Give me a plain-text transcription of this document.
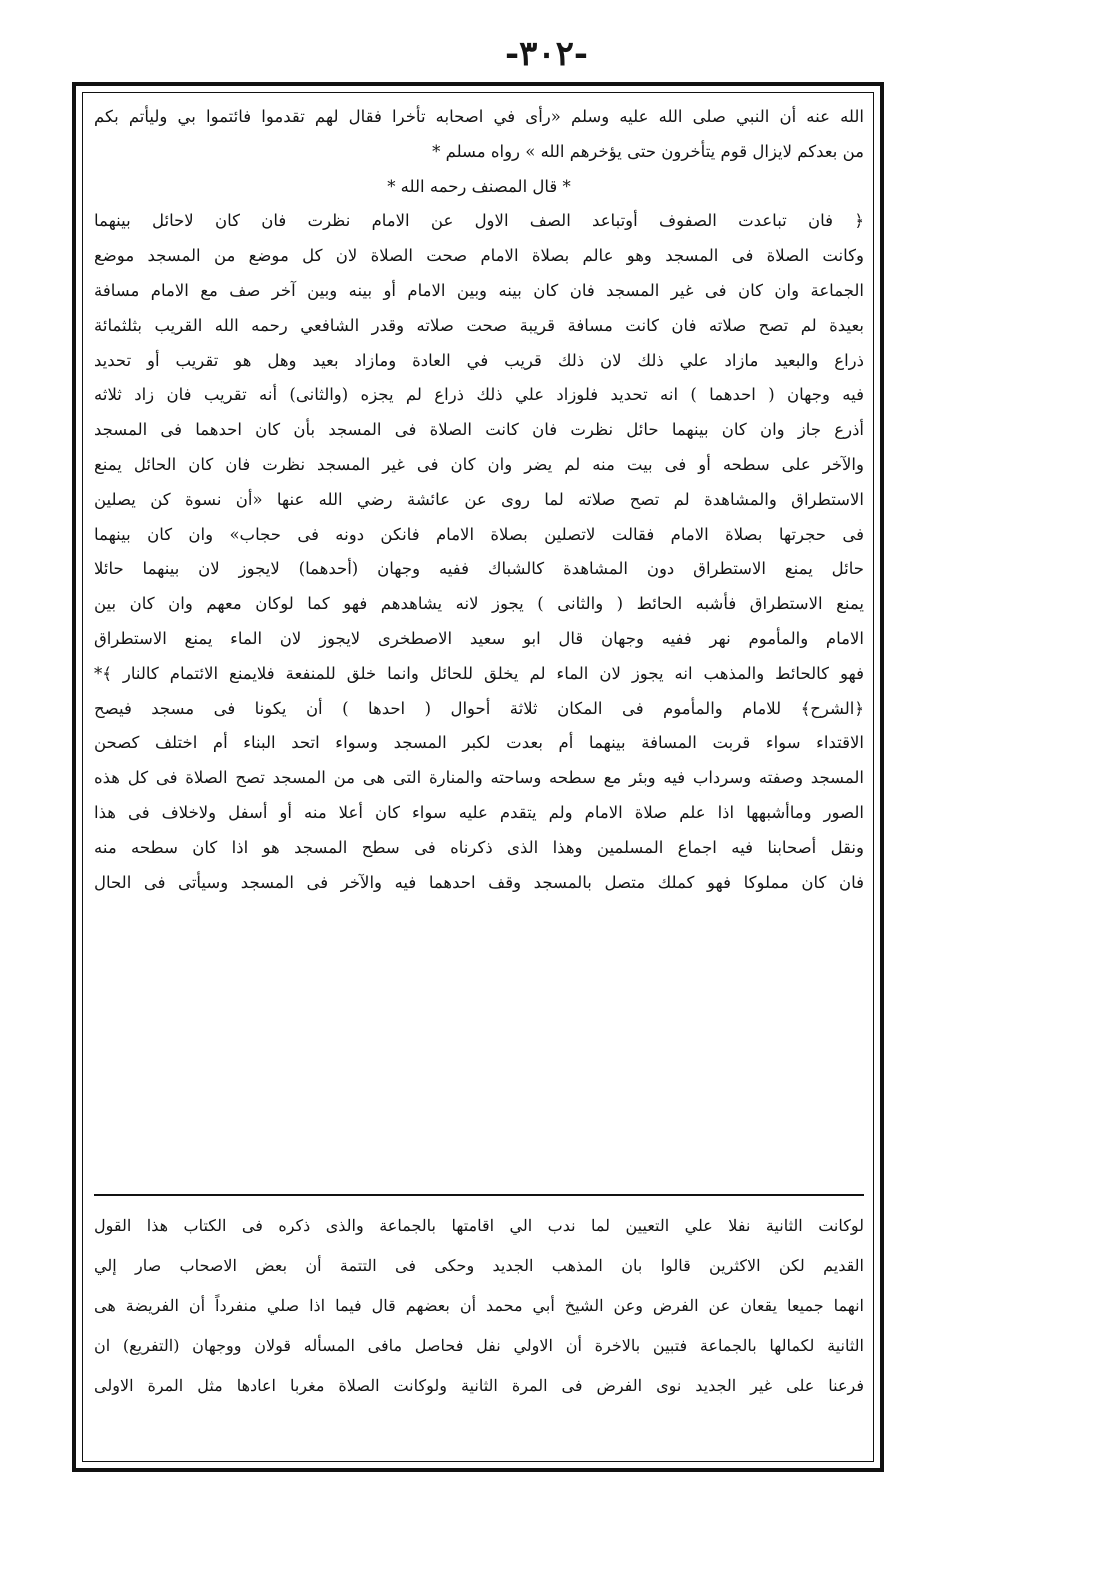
-٣٠٢-
الله عنه أن النبي صلى الله عليه وسلم «رأى في اصحابه تأخرا فقال لهم تقدموا فائتموا بي وليأتم بكم
من بعدكم لايزال قوم يتأخرون حتى يؤخرهم الله » رواه مسلم *
* قال المصنف رحمه الله *
﴿ فان تباعدت الصفوف أوتباعد الصف الاول عن الامام نظرت فان كان لاحائل بينهما
وكانت الصلاة فى المسجد وهو عالم بصلاة الامام صحت الصلاة لان كل موضع من المسجد موضع
الجماعة وان كان فى غير المسجد فان كان بينه وبين الامام أو بينه وبين آخر صف مع الامام مسافة
بعيدة لم تصح صلاته فان كانت مسافة قريبة صحت صلاته وقدر الشافعي رحمه الله القريب بثلثمائة
ذراع والبعيد مازاد علي ذلك لان ذلك قريب في العادة ومازاد بعيد وهل هو تقريب أو تحديد
فيه وجهان ( احدهما ) انه تحديد فلوزاد علي ذلك ذراع لم يجزه (والثانى) أنه تقريب فان زاد ثلاثه
أذرع جاز وان كان بينهما حائل نظرت فان كانت الصلاة فى المسجد بأن كان احدهما فى المسجد
والآخر على سطحه أو فى بيت منه لم يضر وان كان فى غير المسجد نظرت فان كان الحائل يمنع
الاستطراق والمشاهدة لم تصح صلاته لما روى عن عائشة رضي الله عنها «أن نسوة كن يصلين
فى حجرتها بصلاة الامام فقالت لاتصلين بصلاة الامام فانكن دونه فى حجاب» وان كان بينهما
حائل يمنع الاستطراق دون المشاهدة كالشباك ففيه وجهان (أحدهما) لايجوز لان بينهما حائلا
يمنع الاستطراق فأشبه الحائط ( والثانى ) يجوز لانه يشاهدهم فهو كما لوكان معهم وان كان بين
الامام والمأموم نهر ففيه وجهان قال ابو سعيد الاصطخرى لايجوز لان الماء يمنع الاستطراق
فهو كالحائط والمذهب انه يجوز لان الماء لم يخلق للحائل وانما خلق للمنفعة فلايمنع الائتمام كالنار ﴾*
﴿الشرح﴾ للامام والمأموم فى المكان ثلاثة أحوال ( احدها ) أن يكونا فى مسجد فيصح
الاقتداء سواء قربت المسافة بينهما أم بعدت لكبر المسجد وسواء اتحد البناء أم اختلف كصحن
المسجد وصفته وسرداب فيه وبئر مع سطحه وساحته والمنارة التى هى من المسجد تصح الصلاة فى كل هذه
الصور وماأشبهها اذا علم صلاة الامام ولم يتقدم عليه سواء كان أعلا منه أو أسفل ولاخلاف فى هذا
ونقل أصحابنا فيه اجماع المسلمين وهذا الذى ذكرناه فى سطح المسجد هو اذا كان سطحه منه
فان كان مملوكا فهو كملك متصل بالمسجد وقف احدهما فيه والآخر فى المسجد وسيأتى فى الحال
لوكانت الثانية نفلا علي التعيين لما ندب الي اقامتها بالجماعة والذى ذكره فى الكتاب هذا القول
القديم لكن الاكثرين قالوا بان المذهب الجديد وحكى فى التتمة أن بعض الاصحاب صار إلي
انهما جميعا يقعان عن الفرض وعن الشيخ أبي محمد أن بعضهم قال فيما اذا صلي منفرداً أن الفريضة هى
الثانية لكمالها بالجماعة فتبين بالاخرة أن الاولي نفل فحاصل مافى المسأله قولان ووجهان (التفريع) ان
فرعنا على غير الجديد نوى الفرض فى المرة الثانية ولوكانت الصلاة مغربا اعادها مثل المرة الاولى
